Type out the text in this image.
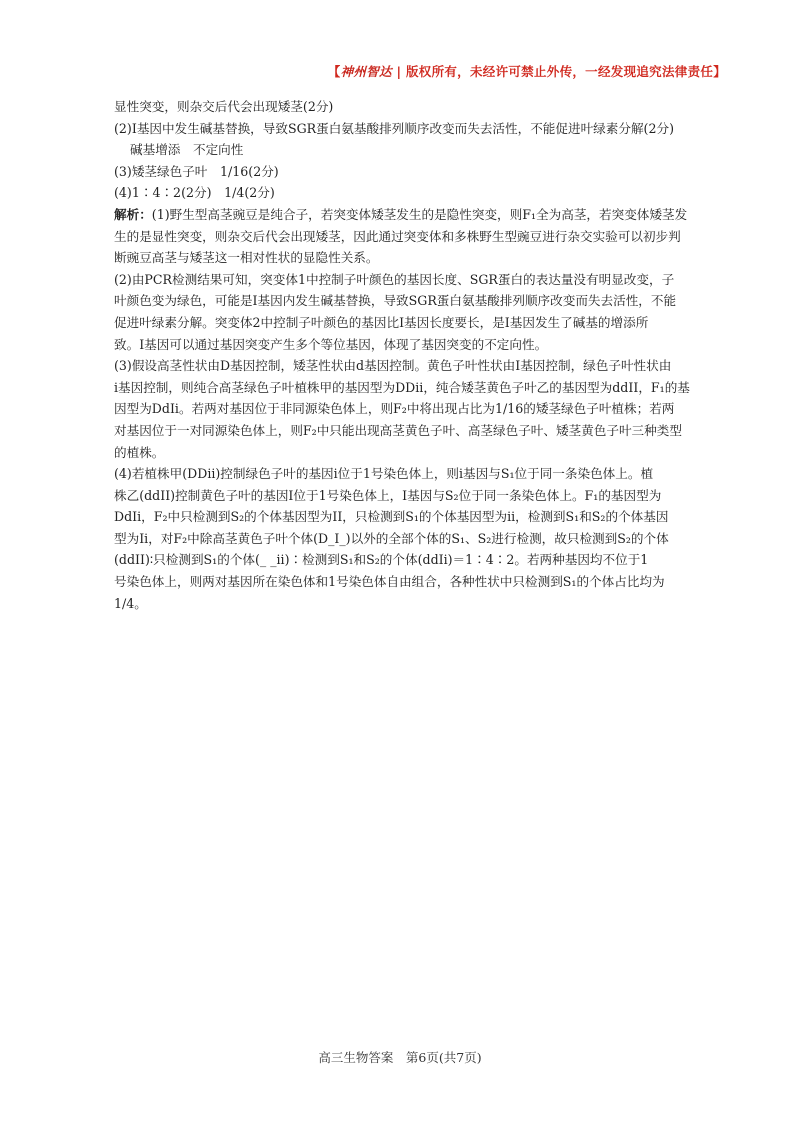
【神州智达 | 版权所有，未经许可禁止外传，一经发现追究法律责任】
显性突变，则杂交后代会出现矮茎(2分)
(2)I基因中发生碱基替换，导致SGR蛋白氨基酸排列顺序改变而失去活性，不能促进叶绿素分解(2分)
碱基增添　不定向性
(3)矮茎绿色子叶　1/16(2分)
(4)1∶4∶2(2分)　1/4(2分)
解析：(1)野生型高茎豌豆是纯合子，若突变体矮茎发生的是隐性突变，则F₁全为高茎，若突变体矮茎发
生的是显性突变，则杂交后代会出现矮茎，因此通过突变体和多株野生型豌豆进行杂交实验可以初步判
断豌豆高茎与矮茎这一相对性状的显隐性关系。
(2)由PCR检测结果可知，突变体1中控制子叶颜色的基因长度、SGR蛋白的表达量没有明显改变，子
叶颜色变为绿色，可能是I基因内发生碱基替换，导致SGR蛋白氨基酸排列顺序改变而失去活性，不能
促进叶绿素分解。突变体2中控制子叶颜色的基因比I基因长度要长，是I基因发生了碱基的增添所
致。I基因可以通过基因突变产生多个等位基因，体现了基因突变的不定向性。
(3)假设高茎性状由D基因控制，矮茎性状由d基因控制。黄色子叶性状由I基因控制，绿色子叶性状由
i基因控制，则纯合高茎绿色子叶植株甲的基因型为DDii，纯合矮茎黄色子叶乙的基因型为ddII，F₁的基
因型为DdIi。若两对基因位于非同源染色体上，则F₂中将出现占比为1/16的矮茎绿色子叶植株；若两
对基因位于一对同源染色体上，则F₂中只能出现高茎黄色子叶、高茎绿色子叶、矮茎黄色子叶三种类型
的植株。
(4)若植株甲(DDii)控制绿色子叶的基因i位于1号染色体上，则i基因与S₁位于同一条染色体上。植
株乙(ddII)控制黄色子叶的基因I位于1号染色体上，I基因与S₂位于同一条染色体上。F₁的基因型为
DdIi，F₂中只检测到S₂的个体基因型为II，只检测到S₁的个体基因型为ii，检测到S₁和S₂的个体基因
型为Ii，对F₂中除高茎黄色子叶个体(D_I_)以外的全部个体的S₁、S₂进行检测，故只检测到S₂的个体
(ddII)∶只检测到S₁的个体(_ _ii)∶检测到S₁和S₂的个体(ddIi)＝1∶4∶2。若两种基因均不位于1
号染色体上，则两对基因所在染色体和1号染色体自由组合，各种性状中只检测到S₁的个体占比均为
1/4。
高三生物答案　第6页(共7页)
